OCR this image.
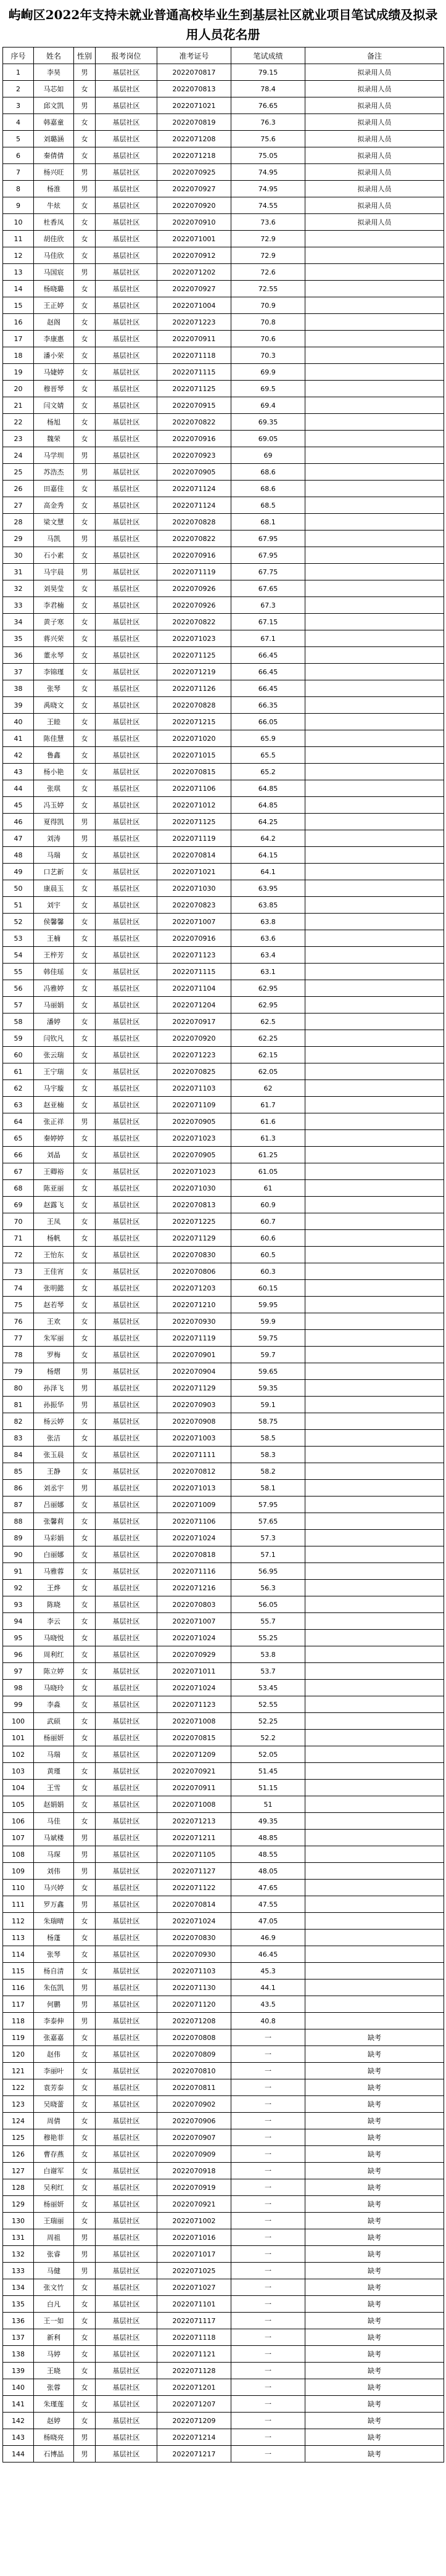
屿峋区2022年支持未就业普通高校毕业生到基层社区就业项目笔试成绩及拟录用人员花名册
序号	姓名	性别	报考岗位	准考证号	笔试成绩	备注
1	李昊	男	基层社区	2022070817	79.15	拟录用人员
2	马芯如	女	基层社区	2022070813	78.4	拟录用人员
3	邱文凯	男	基层社区	2022071021	76.65	拟录用人员
4	韩嘉童	女	基层社区	2022070819	76.3	拟录用人员
5	刘璐涵	女	基层社区	2022071208	75.6	拟录用人员
6	秦倩倩	女	基层社区	2022071218	75.05	拟录用人员
7	杨兴旺	男	基层社区	2022070925	74.95	拟录用人员
8	杨淮	男	基层社区	2022070927	74.95	拟录用人员
9	牛炫	女	基层社区	2022070920	74.55	拟录用人员
10	杜香凤	女	基层社区	2022070910	73.6	拟录用人员
11	胡佳欣	女	基层社区	2022071001	72.9	
12	马佳欣	女	基层社区	2022070912	72.9	
13	马国宸	男	基层社区	2022071202	72.6	
14	杨晓璐	女	基层社区	2022070927	72.55	
15	王正婷	女	基层社区	2022071004	70.9	
16	赵阁	女	基层社区	2022071223	70.8	
17	李康惠	女	基层社区	2022070911	70.6	
18	潘小荣	女	基层社区	2022071118	70.3	
19	马婕婷	女	基层社区	2022071115	69.9	
20	穆晋琴	女	基层社区	2022071125	69.5	
21	闫文婧	女	基层社区	2022070915	69.4	
22	杨旭	女	基层社区	2022070822	69.35	
23	魏荣	女	基层社区	2022070916	69.05	
24	马学圳	男	基层社区	2022070923	69	
25	苏浩杰	男	基层社区	2022070905	68.6	
26	田嘉佳	女	基层社区	2022071124	68.6	
27	高金秀	女	基层社区	2022071124	68.5	
28	梁文慧	女	基层社区	2022070828	68.1	
29	马凯	男	基层社区	2022070822	67.95	
30	石小素	女	基层社区	2022070916	67.95	
31	马宇晨	男	基层社区	2022071119	67.75	
32	刘昊莹	女	基层社区	2022070926	67.65	
33	李君楠	女	基层社区	2022070926	67.3	
34	黄子寒	女	基层社区	2022070822	67.15	
35	蒋兴荣	女	基层社区	2022071023	67.1	
36	董永琴	女	基层社区	2022071125	66.45	
37	李锦瑾	女	基层社区	2022071219	66.45	
38	张琴	女	基层社区	2022071126	66.45	
39	禹晓文	女	基层社区	2022070828	66.35	
40	王睦	女	基层社区	2022071215	66.05	
41	陈佳慧	女	基层社区	2022071020	65.9	
42	鲁鑫	女	基层社区	2022071015	65.5	
43	杨小艳	女	基层社区	2022070815	65.2	
44	张琪	女	基层社区	2022071106	64.85	
45	冯玉婷	女	基层社区	2022071012	64.85	
46	夏得凯	男	基层社区	2022071125	64.25	
47	刘涛	男	基层社区	2022071119	64.2	
48	马瑞	女	基层社区	2022070814	64.15	
49	口艺新	女	基层社区	2022071021	64.1	
50	康晨玉	女	基层社区	2022071030	63.95	
51	刘宇	女	基层社区	2022070823	63.85	
52	侯馨馨	女	基层社区	2022071007	63.8	
53	王楠	女	基层社区	2022070916	63.6	
54	王梓芳	女	基层社区	2022071123	63.4	
55	韩佳瑶	女	基层社区	2022071115	63.1	
56	冯雅婷	女	基层社区	2022071104	62.95	
57	马丽娟	女	基层社区	2022071204	62.95	
58	潘婷	女	基层社区	2022070917	62.5	
59	闫钦凡	女	基层社区	2022070920	62.25	
60	张云瑞	女	基层社区	2022071223	62.15	
61	王宁瑞	女	基层社区	2022070825	62.05	
62	马宇璇	女	基层社区	2022071103	62	
63	赵亚楠	女	基层社区	2022071109	61.7	
64	张正祥	男	基层社区	2022070905	61.6	
65	秦婷婷	女	基层社区	2022071023	61.3	
66	刘晶	女	基层社区	2022070905	61.25	
67	王卿裕	女	基层社区	2022071023	61.05	
68	陈亚丽	女	基层社区	2022071030	61	
69	赵露飞	女	基层社区	2022070813	60.9	
70	王凤	女	基层社区	2022071225	60.7	
71	杨帆	女	基层社区	2022071129	60.6	
72	王怡东	女	基层社区	2022070830	60.5	
73	王佳宵	女	基层社区	2022070806	60.3	
74	张明懿	女	基层社区	2022071203	60.15	
75	赵若琴	女	基层社区	2022071210	59.95	
76	王欢	女	基层社区	2022070930	59.9	
77	朱军丽	女	基层社区	2022071119	59.75	
78	罗梅	女	基层社区	2022070901	59.7	
79	杨熠	男	基层社区	2022070904	59.65	
80	孙泽飞	男	基层社区	2022071129	59.35	
81	孙振华	男	基层社区	2022070903	59.1	
82	杨云婷	女	基层社区	2022070908	58.75	
83	张洁	女	基层社区	2022071003	58.5	
84	张玉晨	女	基层社区	2022071111	58.3	
85	王静	女	基层社区	2022070812	58.2	
86	刘丞宇	男	基层社区	2022071013	58.1	
87	吕丽娜	女	基层社区	2022071009	57.95	
88	张馨莉	女	基层社区	2022071106	57.65	
89	马彩娟	女	基层社区	2022071024	57.3	
90	白丽娜	女	基层社区	2022070818	57.1	
91	马雅蓉	女	基层社区	2022071116	56.95	
92	王烨	女	基层社区	2022071216	56.3	
93	陈晓	女	基层社区	2022070803	56.05	
94	李云	女	基层社区	2022071007	55.7	
95	马晓悦	女	基层社区	2022071024	55.25	
96	周利红	女	基层社区	2022070929	53.8	
97	陈立婷	女	基层社区	2022071011	53.7	
98	马晓玲	女	基层社区	2022071024	53.45	
99	李淼	女	基层社区	2022071123	52.55	
100	武硕	女	基层社区	2022071008	52.25	
101	杨丽妍	女	基层社区	2022070815	52.2	
102	马瑞	女	基层社区	2022071209	52.05	
103	黄瑾	女	基层社区	2022070921	51.45	
104	王雪	女	基层社区	2022070911	51.15	
105	赵娟娟	女	基层社区	2022071008	51	
106	马佳	女	基层社区	2022071213	49.35	
107	马斌楼	男	基层社区	2022071211	48.85	
108	马琛	男	基层社区	2022071105	48.55	
109	刘伟	男	基层社区	2022071127	48.05	
110	马兴婷	女	基层社区	2022071122	47.65	
111	罗万鑫	男	基层社区	2022070814	47.55	
112	朱瑞晴	女	基层社区	2022071024	47.05	
113	杨蓬	女	基层社区	2022070830	46.9	
114	张琴	女	基层社区	2022070930	46.45	
115	杨自清	女	基层社区	2022071103	45.3	
116	朱伍凯	男	基层社区	2022071130	44.1	
117	何鹏	男	基层社区	2022071120	43.5	
118	李泰伸	男	基层社区	2022071208	40.8	
119	张嘉嘉	女	基层社区	2022070808	一	缺考
120	赵伟	女	基层社区	2022070809	一	缺考
121	李丽叶	女	基层社区	2022070810	一	缺考
122	袁芳泰	女	基层社区	2022070811	一	缺考
123	吴晓蕾	女	基层社区	2022070902	一	缺考
124	周倩	女	基层社区	2022070906	一	缺考
125	穆艳菲	女	基层社区	2022070907	一	缺考
126	曹存燕	女	基层社区	2022070909	一	缺考
127	白谢军	女	基层社区	2022070918	一	缺考
128	吴利红	女	基层社区	2022070919	一	缺考
129	杨丽妍	女	基层社区	2022070921	一	缺考
130	王瑞丽	女	基层社区	2022071002	一	缺考
131	周祖	男	基层社区	2022071016	一	缺考
132	张睿	男	基层社区	2022071017	一	缺考
133	马健	男	基层社区	2022071025	一	缺考
134	张文竹	女	基层社区	2022071027	一	缺考
135	白凡	女	基层社区	2022071101	一	缺考
136	王一如	女	基层社区	2022071117	一	缺考
137	新利	女	基层社区	2022071118	一	缺考
138	马婷	女	基层社区	2022071121	一	缺考
139	王晓	女	基层社区	2022071128	一	缺考
140	张蓉	女	基层社区	2022071201	一	缺考
141	朱瑾莲	女	基层社区	2022071207	一	缺考
142	赵婷	女	基层社区	2022071209	一	缺考
143	杨晓亮	男	基层社区	2022071214	一	缺考
144	石博晶	男	基层社区	2022071217	一	缺考
